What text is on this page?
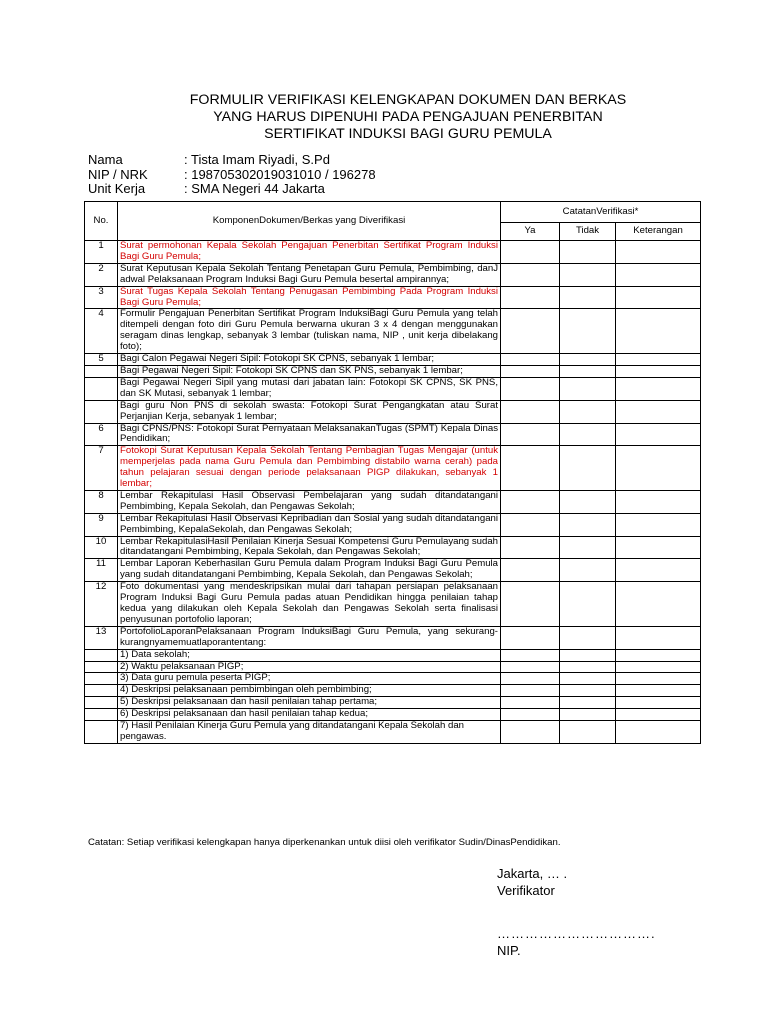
FORMULIR VERIFIKASI KELENGKAPAN DOKUMEN DAN BERKAS
YANG HARUS DIPENUHI PADA PENGAJUAN PENERBITAN
SERTIFIKAT INDUKSI BAGI GURU PEMULA
Nama	: Tista Imam Riyadi, S.Pd
NIP / NRK	: 198705302019031010 / 196278
Unit Kerja	: SMA Negeri 44 Jakarta
No.	KomponenDokumen/Berkas yang Diverifikasi	CatatanVerifikasi*		
		Ya	Tidak	Keterangan
1	Surat permohonan Kepala Sekolah Pengajuan Penerbitan Sertifikat Program Induksi Bagi Guru Pemula;			
2	Surat Keputusan Kepala Sekolah Tentang Penetapan Guru Pemula, Pembimbing, danJ adwal Pelaksanaan Program Induksi Bagi Guru Pemula besertal ampirannya;			
3	Surat Tugas Kepala Sekolah Tentang Penugasan Pembimbing Pada Program Induksi Bagi Guru Pemula;			
4	Formulir Pengajuan Penerbitan Sertifikat Program InduksiBagi Guru Pemula yang telah ditempeli dengan foto diri Guru Pemula berwarna ukuran 3 x 4 dengan menggunakan seragam dinas lengkap, sebanyak 3 lembar (tuliskan nama, NIP , unit kerja dibelakang foto);			
5	Bagi Calon Pegawai Negeri Sipil: Fotokopi SK CPNS, sebanyak 1 lembar;			
	Bagi Pegawai Negeri Sipil: Fotokopi SK CPNS dan SK PNS, sebanyak 1 lembar;			
	Bagi Pegawai Negeri Sipil yang mutasi dari jabatan lain: Fotokopi SK CPNS, SK PNS, dan SK Mutasi, sebanyak 1 lembar;			
	Bagi guru Non PNS di sekolah swasta: Fotokopi Surat Pengangkatan atau Surat Perjanjian Kerja, sebanyak 1 lembar;			
6	Bagi CPNS/PNS: Fotokopi Surat Pernyataan MelaksanakanTugas (SPMT) Kepala Dinas Pendidikan;			
7	Fotokopi Surat Keputusan Kepala Sekolah Tentang Pembagian Tugas Mengajar (untuk memperjelas pada nama Guru Pemula dan Pembimbing distabilo warna cerah) pada tahun pelajaran sesuai dengan periode pelaksanaan PIGP dilakukan, sebanyak 1 lembar;			
8	Lembar Rekapitulasi Hasil Observasi Pembelajaran yang sudah ditandatangani Pembimbing, Kepala Sekolah, dan Pengawas Sekolah;			
9	Lembar Rekapitulasi Hasil Observasi Kepribadian dan Sosial yang sudah ditandatangani Pembimbing, KepalaSekolah, dan Pengawas Sekolah;			
10	Lembar RekapitulasiHasil Penilaian Kinerja Sesuai Kompetensi Guru Pemulayang sudah ditandatangani Pembimbing, Kepala Sekolah, dan Pengawas Sekolah;			
11	Lembar Laporan Keberhasilan Guru Pemula dalam Program Induksi Bagi Guru Pemula yang sudah ditandatangani Pembimbing, Kepala Sekolah, dan Pengawas Sekolah;			
12	Foto dokumentasi yang mendeskripsikan mulai dari tahapan persiapan pelaksanaan Program Induksi Bagi Guru Pemula padas atuan Pendidikan hingga penilaian tahap kedua yang dilakukan oleh Kepala Sekolah dan Pengawas Sekolah serta finalisasi penyusunan portofolio laporan;			
13	PortofolioLaporanPelaksanaan Program InduksiBagi Guru Pemula, yang sekurang-kurangnyamemuatlaporantentang:			
	1) Data sekolah;			
	2) Waktu pelaksanaan PIGP;			
	3) Data guru pemula peserta PIGP;			
	4) Deskripsi pelaksanaan pembimbingan oleh pembimbing;			
	5) Deskripsi pelaksanaan dan hasil penilaian tahap pertama;			
	6) Deskripsi pelaksanaan dan hasil penilaian tahap kedua;			
	7) Hasil Penilaian Kinerja Guru Pemula yang ditandatangani Kepala Sekolah dan pengawas.			
Catatan: Setiap verifikasi kelengkapan hanya diperkenankan untuk diisi oleh verifikator Sudin/DinasPendidikan.
Jakarta, … .
Verifikator
…………………………….
NIP.
